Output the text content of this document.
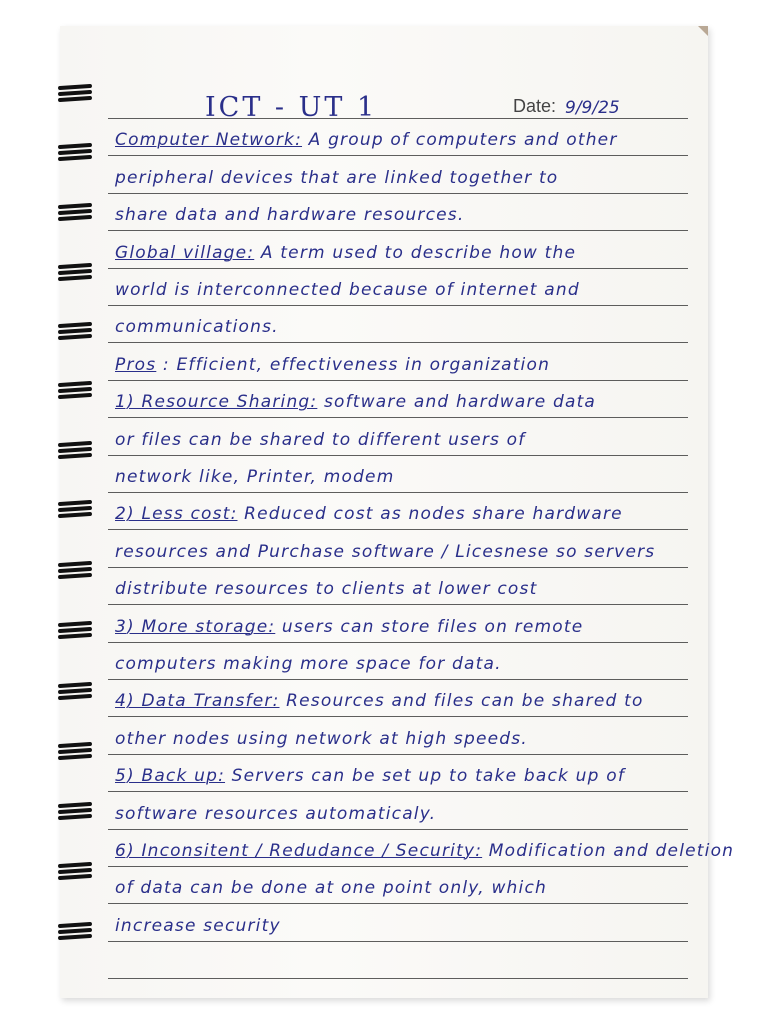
ICT - UT 1	Date: 9/9/25
Computer Network: A group of computers and other
peripheral devices that are linked together to
share data and hardware resources.
Global village: A term used to describe how the
world is interconnected because of internet and
communications.
Pros : Efficient, effectiveness in organization
1) Resource Sharing: software and hardware data
or files can be shared to different users of
network like, Printer, modem
2) Less cost: Reduced cost as nodes share hardware
resources and Purchase software / Licesnese so servers
distribute resources to clients at lower cost
3) More storage: users can store files on remote
computers making more space for data.
4) Data Transfer: Resources and files can be shared to
other nodes using network at high speeds.
5) Back up: Servers can be set up to take back up of
software resources automaticaly.
6) Inconsitent / Redudance / Security: Modification and deletion
of data can be done at one point only, which
increase security
